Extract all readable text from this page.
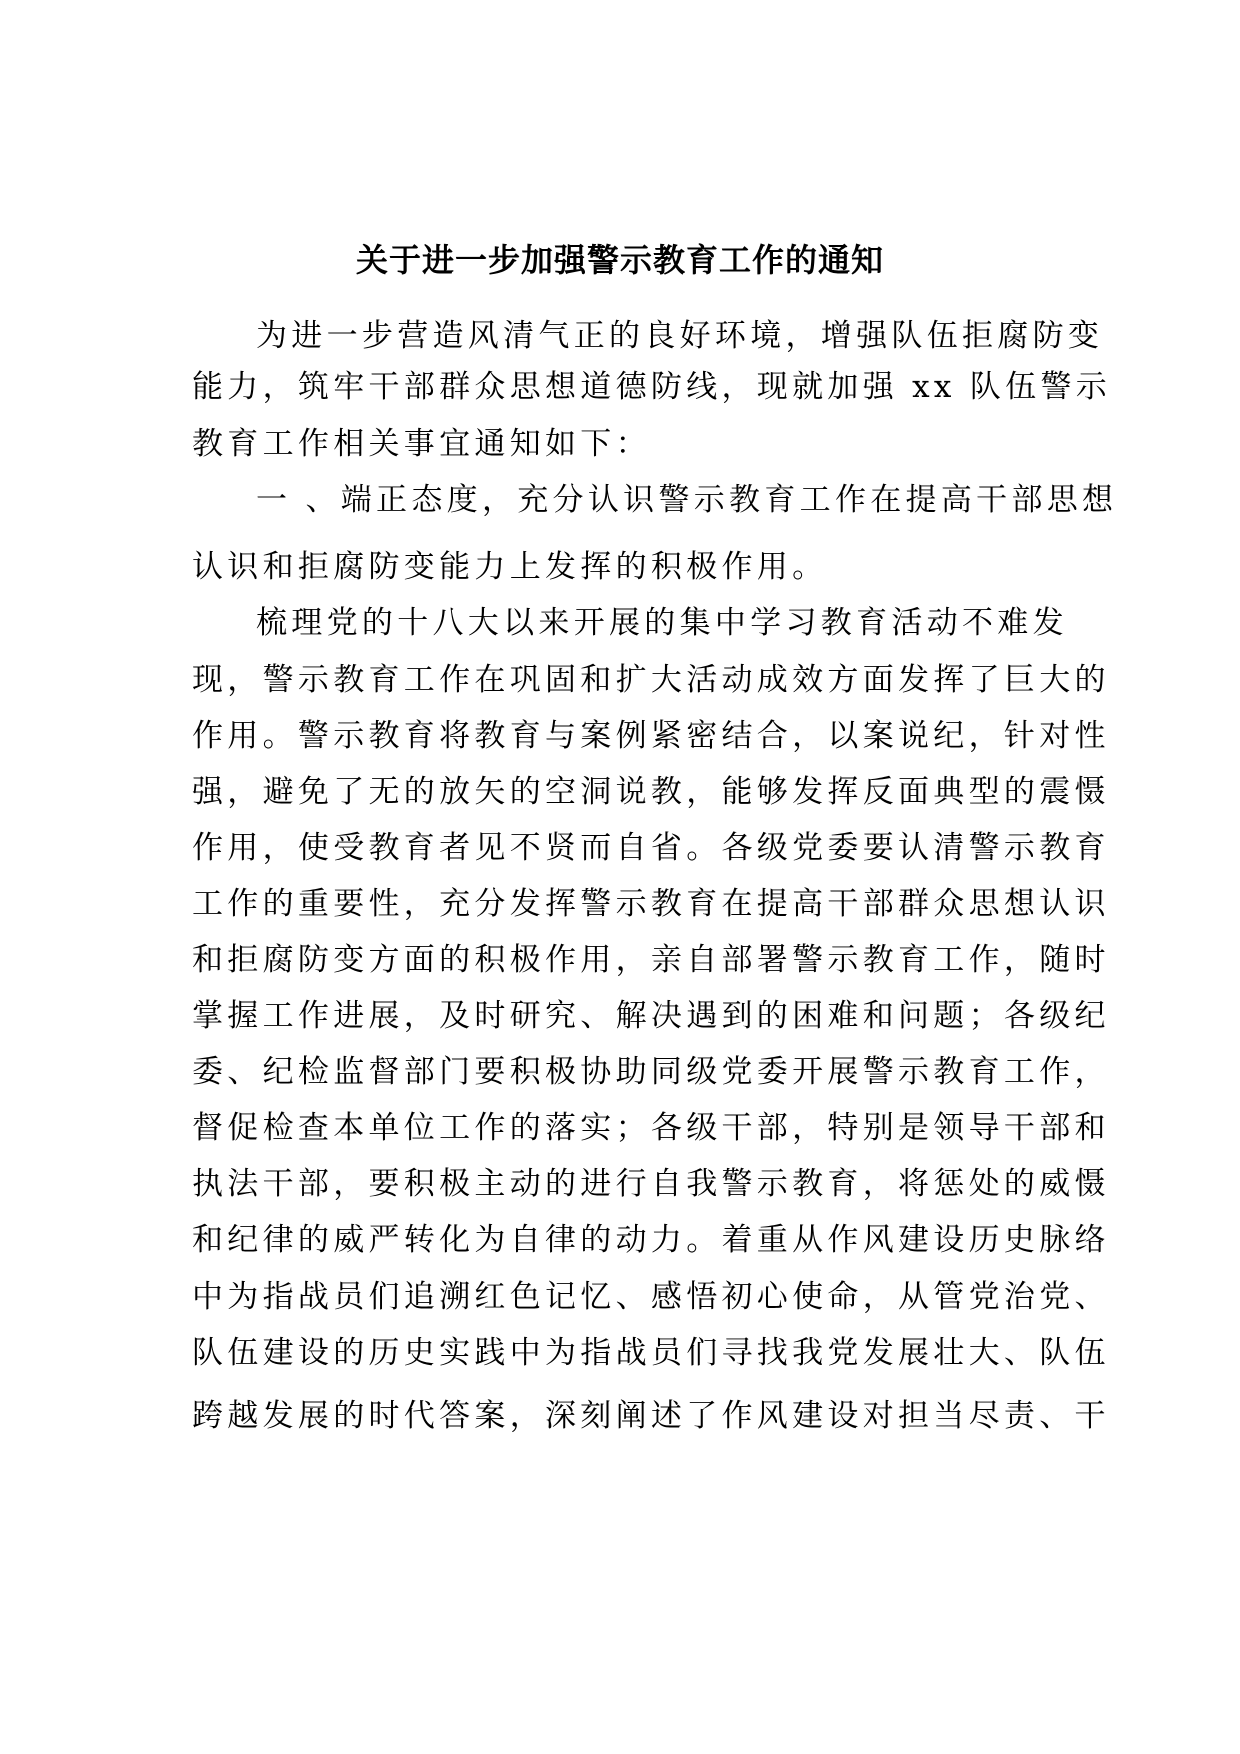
关于进一步加强警示教育工作的通知
为进一步营造风清气正的良好环境，增强队伍拒腐防变
能力，筑牢干部群众思想道德防线，现就加强 xx 队伍警示
教育工作相关事宜通知如下：
一 、端正态度，充分认识警示教育工作在提高干部思想
认识和拒腐防变能力上发挥的积极作用。
梳理党的十八大以来开展的集中学习教育活动不难发
现，警示教育工作在巩固和扩大活动成效方面发挥了巨大的
作用。警示教育将教育与案例紧密结合，以案说纪，针对性
强，避免了无的放矢的空洞说教，能够发挥反面典型的震慑
作用，使受教育者见不贤而自省。各级党委要认清警示教育
工作的重要性，充分发挥警示教育在提高干部群众思想认识
和拒腐防变方面的积极作用，亲自部署警示教育工作，随时
掌握工作进展，及时研究、解决遇到的困难和问题；各级纪
委、纪检监督部门要积极协助同级党委开展警示教育工作，
督促检查本单位工作的落实；各级干部，特别是领导干部和
执法干部，要积极主动的进行自我警示教育，将惩处的威慑
和纪律的威严转化为自律的动力。着重从作风建设历史脉络
中为指战员们追溯红色记忆、感悟初心使命，从管党治党、
队伍建设的历史实践中为指战员们寻找我党发展壮大、队伍
跨越发展的时代答案，深刻阐述了作风建设对担当尽责、干
